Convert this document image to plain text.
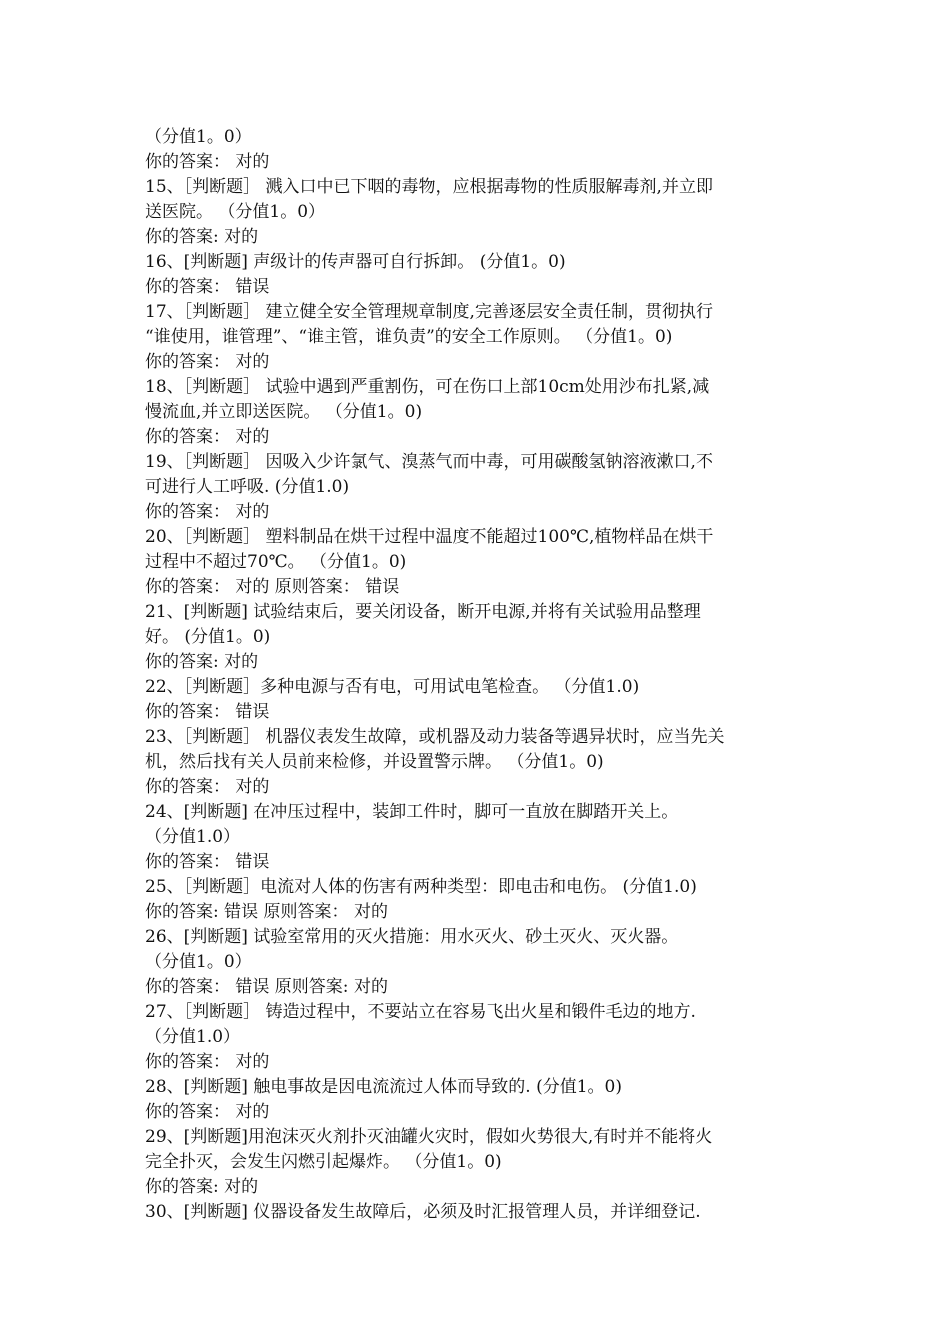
（分值1。0）
你的答案： 对的
15、［判断题］ 溅入口中已下咽的毒物，应根据毒物的性质服解毒剂,并立即
送医院。 （分值1。0）
你的答案: 对的
16、[判断题] 声级计的传声器可自行拆卸。 (分值1。0)
你的答案： 错误
17、［判断题］ 建立健全安全管理规章制度,完善逐层安全责任制，贯彻执行
“谁使用，谁管理”、“谁主管，谁负责”的安全工作原则。 （分值1。0)
你的答案： 对的
18、［判断题］ 试验中遇到严重割伤，可在伤口上部10cm处用沙布扎紧,减
慢流血,并立即送医院。 （分值1。0)
你的答案： 对的
19、［判断题］ 因吸入少许氯气、溴蒸气而中毒，可用碳酸氢钠溶液漱口,不
可进行人工呼吸. (分值1.0)
你的答案： 对的
20、［判断题］ 塑料制品在烘干过程中温度不能超过100℃,植物样品在烘干
过程中不超过70℃。 （分值1。0)
你的答案： 对的 原则答案： 错误
21、[判断题] 试验结束后，要关闭设备，断开电源,并将有关试验用品整理
好。 (分值1。0)
你的答案: 对的
22、［判断题］多种电源与否有电，可用试电笔检查。 （分值1.0)
你的答案： 错误
23、［判断题］ 机器仪表发生故障，或机器及动力装备等遇异状时，应当先关
机，然后找有关人员前来检修，并设置警示牌。 （分值1。0)
你的答案： 对的
24、[判断题] 在冲压过程中，装卸工件时，脚可一直放在脚踏开关上。
（分值1.0）
你的答案： 错误
25、［判断题］电流对人体的伤害有两种类型：即电击和电伤。 (分值1.0)
你的答案: 错误 原则答案： 对的
26、[判断题] 试验室常用的灭火措施：用水灭火、砂土灭火、灭火器。
（分值1。0）
你的答案： 错误 原则答案: 对的
27、［判断题］ 铸造过程中，不要站立在容易飞出火星和锻件毛边的地方.
（分值1.0）
你的答案： 对的
28、[判断题] 触电事故是因电流流过人体而导致的. (分值1。0)
你的答案： 对的
29、[判断题]用泡沫灭火剂扑灭油罐火灾时，假如火势很大,有时并不能将火
完全扑灭，会发生闪燃引起爆炸。 （分值1。0)
你的答案: 对的
30、[判断题] 仪器设备发生故障后，必须及时汇报管理人员，并详细登记.
